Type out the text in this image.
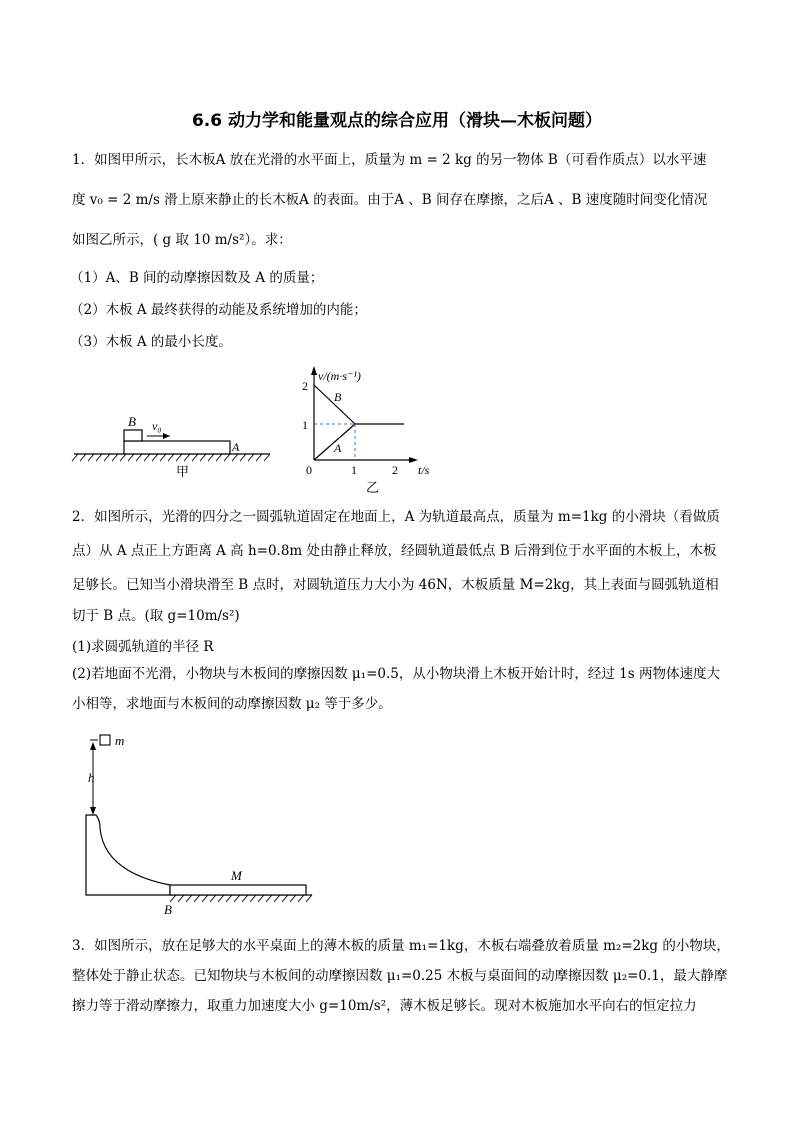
6.6 动力学和能量观点的综合应用（滑块—木板问题）
1．如图甲所示，长木板A 放在光滑的水平面上，质量为 m = 2 kg 的另一物体 B（可看作质点）以水平速
度 v₀ = 2 m/s 滑上原来静止的长木板A 的表面。由于A 、B 间存在摩擦，之后A 、B 速度随时间变化情况
如图乙所示，( g 取 10 m/s²）。求：
（1）A、B 间的动摩擦因数及 A 的质量；
（2）木板 A 最终获得的动能及系统增加的内能；
（3）木板 A 的最小长度。
B v₀
A
甲
v/(m·s⁻¹)
t/s
2
1
0	1	2
B
A
乙
2．如图所示，光滑的四分之一圆弧轨道固定在地面上，A 为轨道最高点，质量为 m=1kg 的小滑块（看做质
点）从 A 点正上方距离 A 高 h=0.8m 处由静止释放，经圆轨道最低点 B 后滑到位于水平面的木板上，木板
足够长。已知当小滑块滑至 B 点时，对圆轨道压力大小为 46N，木板质量 M=2kg，其上表面与圆弧轨道相
切于 B 点。(取 g=10m/s²)
(1)求圆弧轨道的半径 R
(2)若地面不光滑，小物块与木板间的摩擦因数 μ₁=0.5，从小物块滑上木板开始计时，经过 1s 两物体速度大
小相等，求地面与木板间的动摩擦因数 μ₂ 等于多少。
m
h
M
B
3．如图所示，放在足够大的水平桌面上的薄木板的质量 m₁=1kg，木板右端叠放着质量 m₂=2kg 的小物块，
整体处于静止状态。已知物块与木板间的动摩擦因数 μ₁=0.25 木板与桌面间的动摩擦因数 μ₂=0.1，最大静摩
擦力等于滑动摩擦力，取重力加速度大小 g=10m/s²，薄木板足够长。现对木板施加水平向右的恒定拉力
